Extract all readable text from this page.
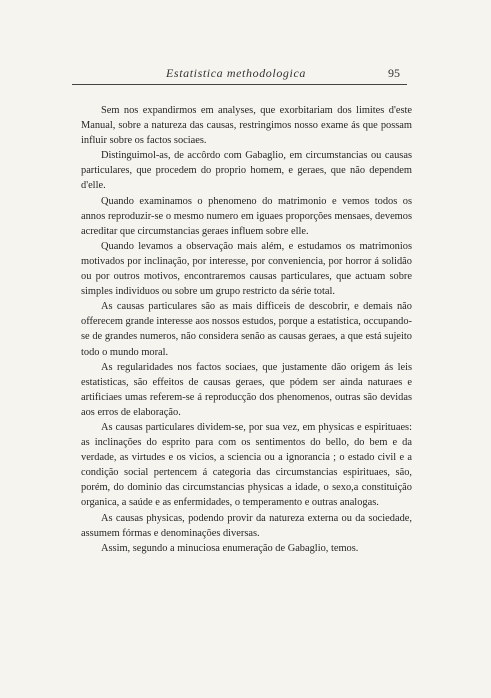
Estatistica methodologica	95

Sem nos expandirmos em analyses, que exorbitariam dos limites d'este Manual, sobre a natureza das causas, restringimos nosso exame ás que possam influir sobre os factos sociaes.

Distinguimol-as, de accôrdo com Gabaglio, em circumstancias ou causas particulares, que procedem do proprio homem, e geraes, que não dependem d'elle.

Quando examinamos o phenomeno do matrimonio e vemos todos os annos reproduzir-se o mesmo numero em iguaes proporções mensaes, devemos acreditar que circumstancias geraes influem sobre elle.

Quando levamos a observação mais além, e estudamos os matrimonios motivados por inclinação, por interesse, por conveniencia, por horror á solidão ou por outros motivos, encontraremos causas particulares, que actuam sobre simples individuos ou sobre um grupo restricto da série total.

As causas particulares são as mais difficeis de descobrir, e demais não offerecem grande interesse aos nossos estudos, porque a estatistica, occupando-se de grandes numeros, não considera senão as causas geraes, a que está sujeito todo o mundo moral.

As regularidades nos factos sociaes, que justamente dão origem ás leis estatisticas, são effeitos de causas geraes, que pódem ser ainda naturaes e artificiaes umas referem-se á reproducção dos phenomenos, outras são devidas aos erros de elaboração.

As causas particulares dividem-se, por sua vez, em physicas e espirituaes: as inclinações do esprito para com os sentimentos do bello, do bem e da verdade, as virtudes e os vicios, a sciencia ou a ignorancia ; o estado civil e a condição social pertencem á categoria das circumstancias espirituaes, são, porém, do dominio das circumstancias physicas a idade, o sexo,a constituição organica, a saúde e as enfermidades, o temperamento e outras analogas.

As causas physicas, podendo provir da natureza externa ou da sociedade, assumem fórmas e denominações diversas.

Assim, segundo a minuciosa enumeração de Gabaglio, temos.
